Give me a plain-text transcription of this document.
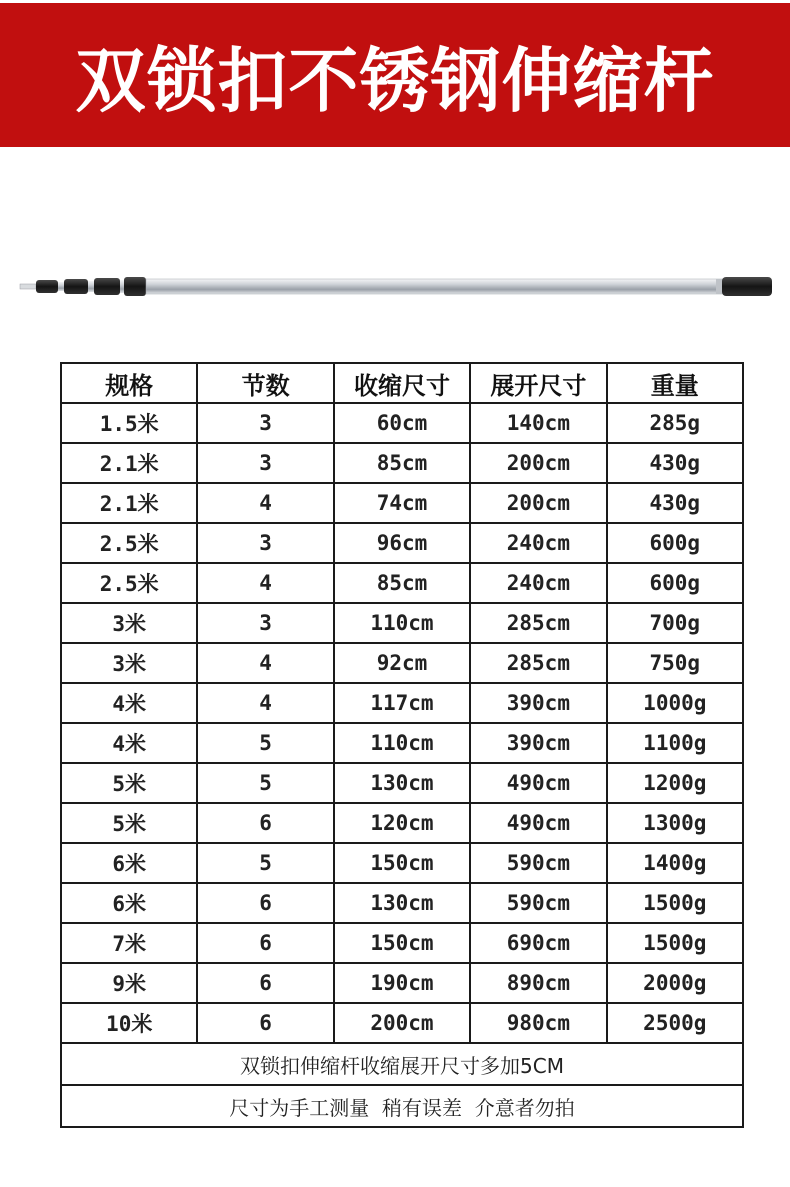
双锁扣不锈钢伸缩杆
规格	节数	收缩尺寸	展开尺寸	重量
1.5米	3	60cm	140cm	285g
2.1米	3	85cm	200cm	430g
2.1米	4	74cm	200cm	430g
2.5米	3	96cm	240cm	600g
2.5米	4	85cm	240cm	600g
3米	3	110cm	285cm	700g
3米	4	92cm	285cm	750g
4米	4	117cm	390cm	1000g
4米	5	110cm	390cm	1100g
5米	5	130cm	490cm	1200g
5米	6	120cm	490cm	1300g
6米	5	150cm	590cm	1400g
6米	6	130cm	590cm	1500g
7米	6	150cm	690cm	1500g
9米	6	190cm	890cm	2000g
10米	6	200cm	980cm	2500g
双锁扣伸缩杆收缩展开尺寸多加5CM				
尺寸为手工测量  稍有误差  介意者勿拍				
